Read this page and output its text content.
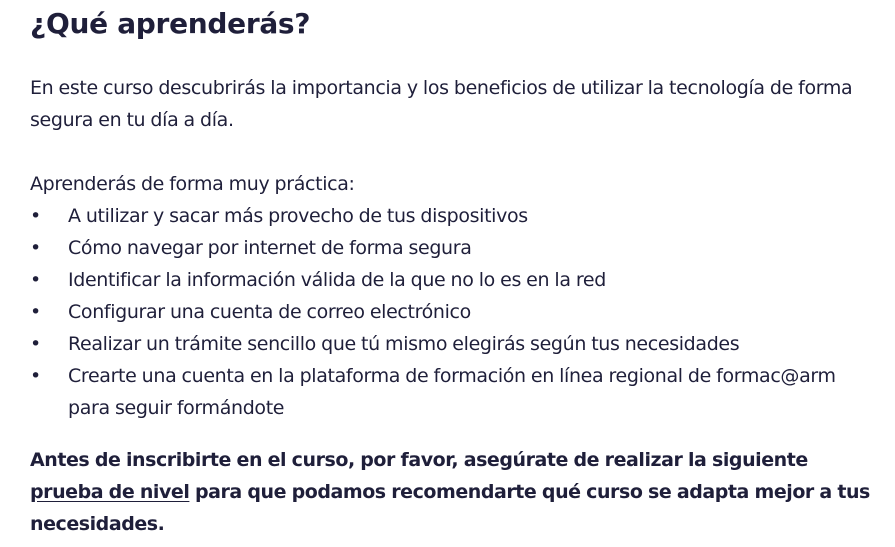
¿Qué aprenderás?

En este curso descubrirás la importancia y los beneficios de utilizar la tecnología de forma segura en tu día a día.

Aprenderás de forma muy práctica:

• A utilizar y sacar más provecho de tus dispositivos
• Cómo navegar por internet de forma segura
• Identificar la información válida de la que no lo es en la red
• Configurar una cuenta de correo electrónico
• Realizar un trámite sencillo que tú mismo elegirás según tus necesidades
• Crearte una cuenta en la plataforma de formación en línea regional de formac@arm para seguir formándote

Antes de inscribirte en el curso, por favor, asegúrate de realizar la siguiente prueba de nivel para que podamos recomendarte qué curso se adapta mejor a tus necesidades.
